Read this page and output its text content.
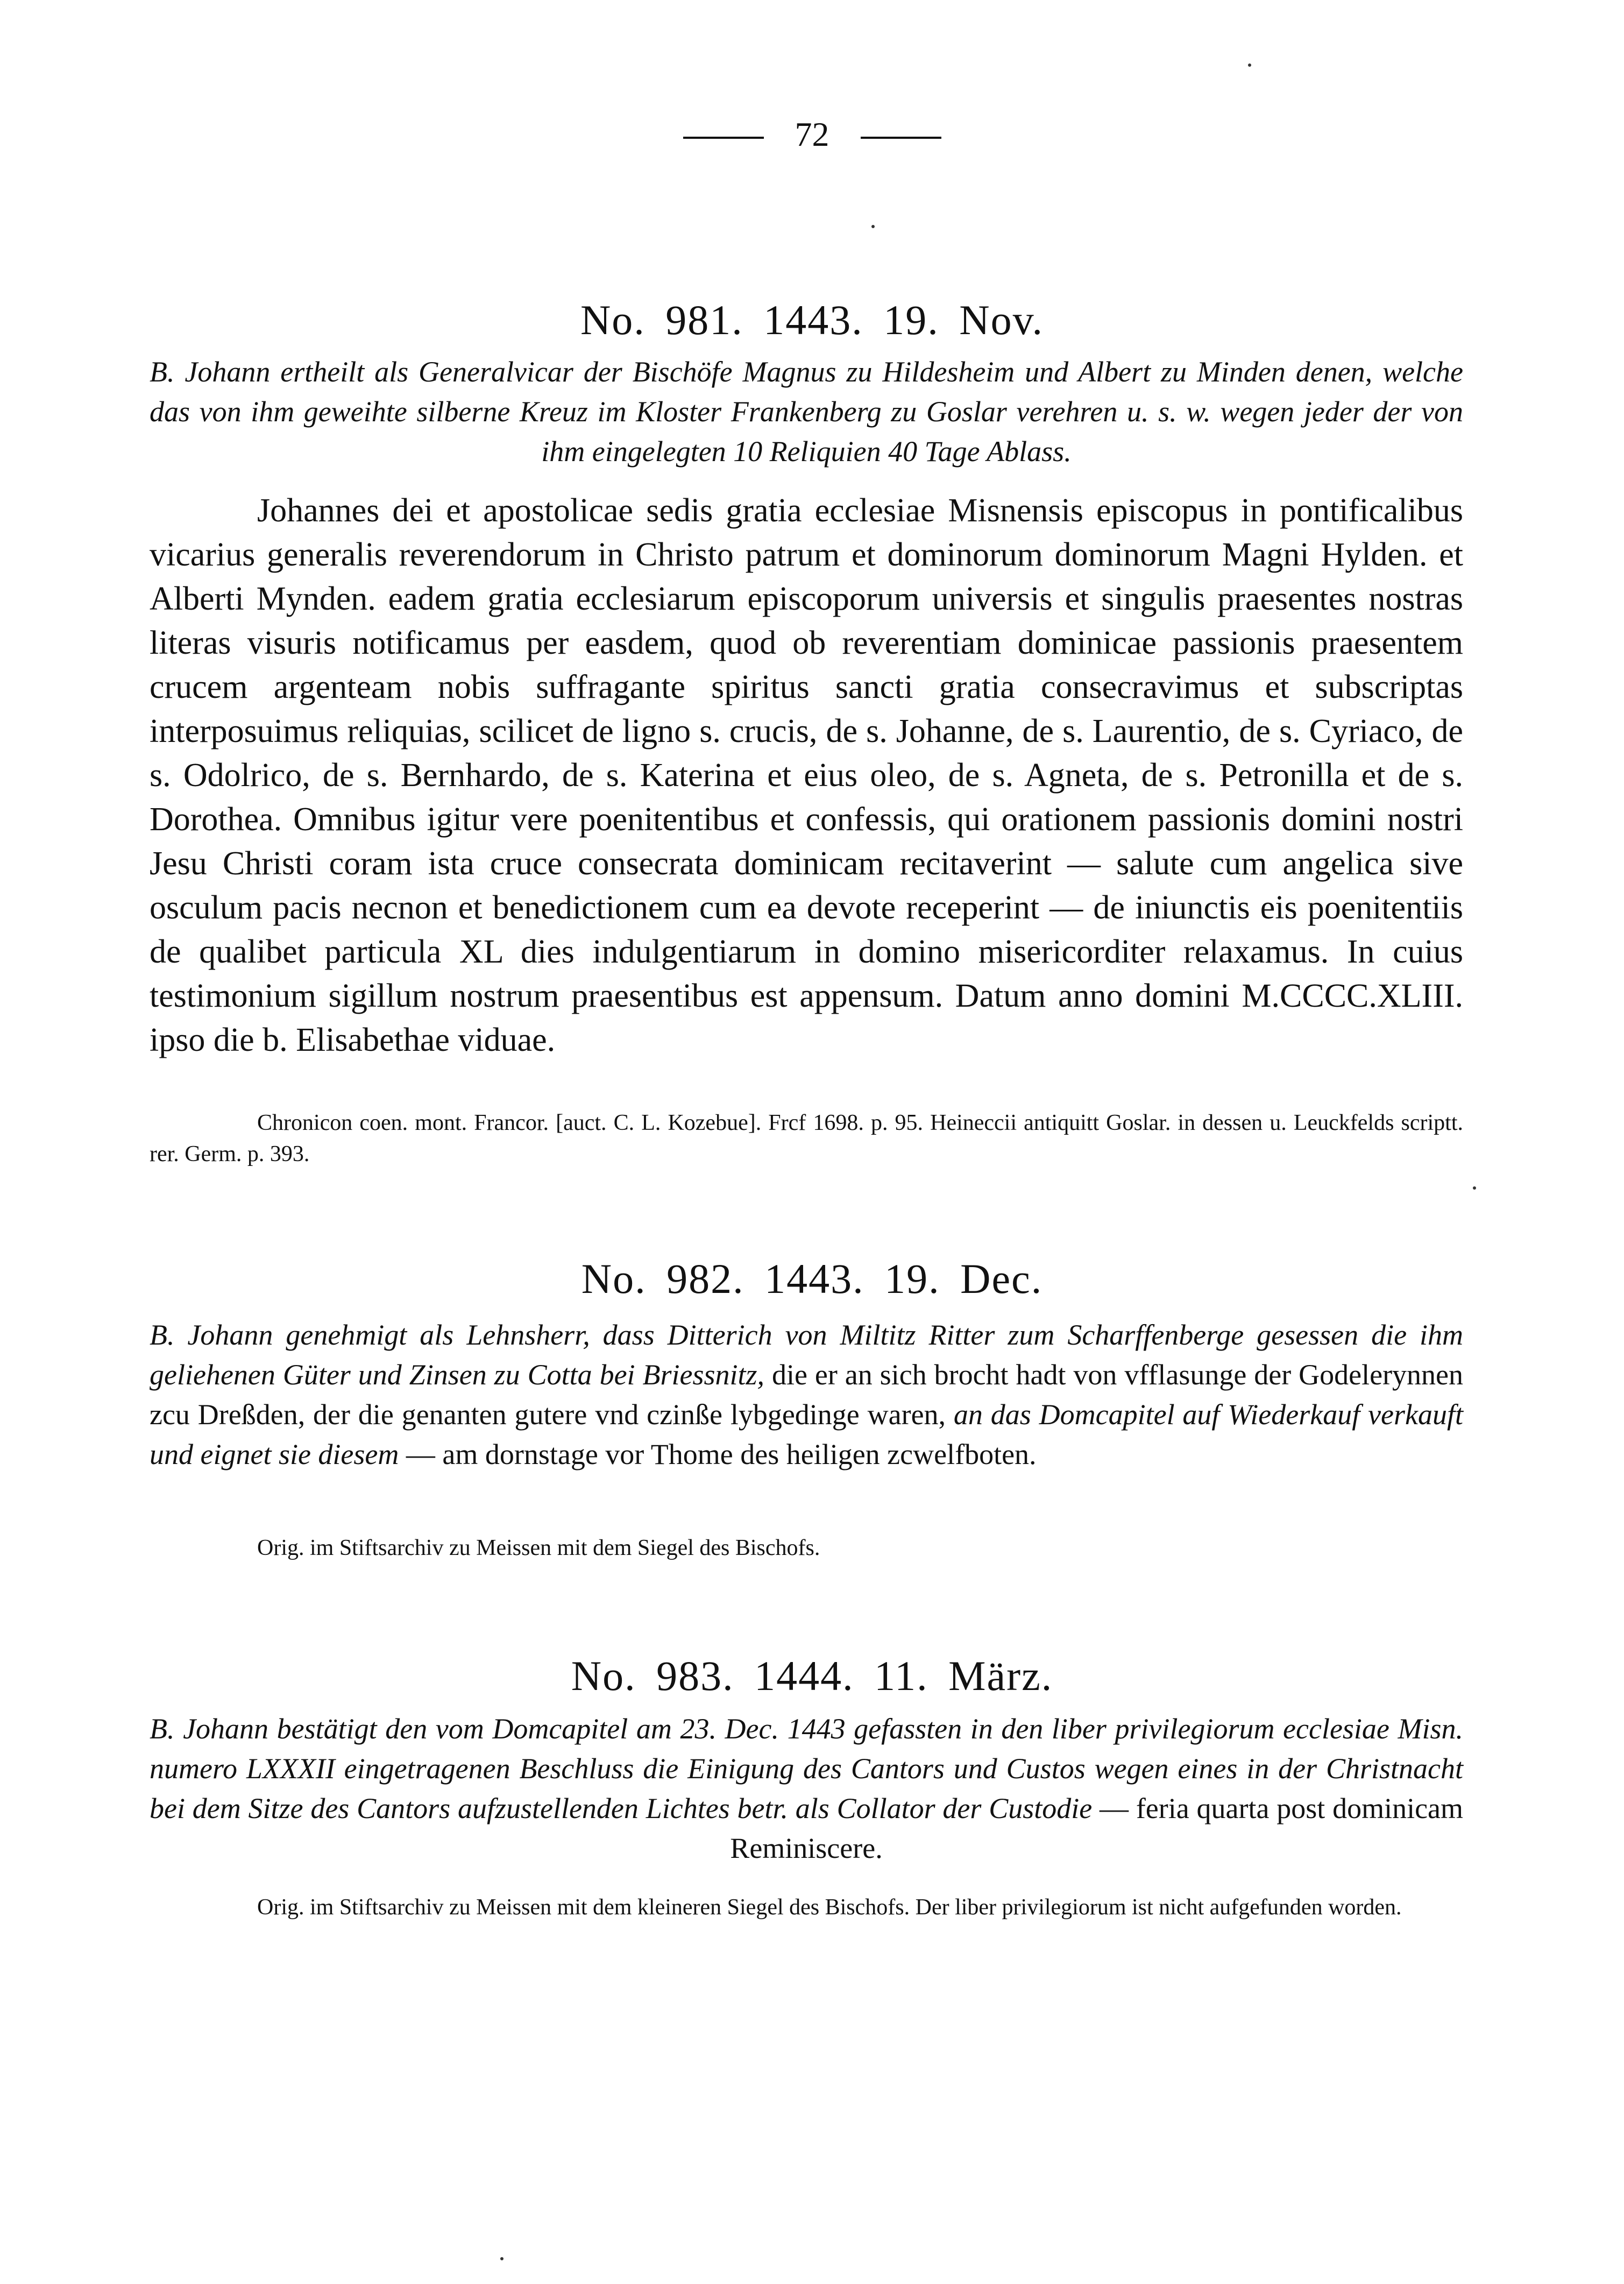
72
No. 981. 1443. 19. Nov.
B. Johann ertheilt als Generalvicar der Bischöfe Magnus zu Hildesheim und Albert zu Minden denen, welche das von ihm geweihte silberne Kreuz im Kloster Frankenberg zu Goslar verehren u. s. w. wegen jeder der von ihm eingelegten 10 Reliquien 40 Tage Ablass.
Johannes dei et apostolicae sedis gratia ecclesiae Misnensis episcopus in pontificalibus vicarius generalis reverendorum in Christo patrum et dominorum dominorum Magni Hylden. et Alberti Mynden. eadem gratia ecclesiarum episcoporum universis et singulis praesentes nostras literas visuris notificamus per easdem, quod ob reverentiam dominicae passionis praesentem crucem argenteam nobis suffragante spiritus sancti gratia consecravimus et subscriptas interposuimus reliquias, scilicet de ligno s. crucis, de s. Johanne, de s. Laurentio, de s. Cyriaco, de s. Odolrico, de s. Bernhardo, de s. Katerina et eius oleo, de s. Agneta, de s. Petronilla et de s. Dorothea. Omnibus igitur vere poenitentibus et confessis, qui orationem passionis domini nostri Jesu Christi coram ista cruce consecrata dominicam recitaverint — salute cum angelica sive osculum pacis necnon et benedictionem cum ea devote receperint — de iniunctis eis poenitentiis de qualibet particula XL dies indulgentiarum in domino misericorditer relaxamus. In cuius testimonium sigillum nostrum praesentibus est appensum. Datum anno domini M.CCCC.XLIII. ipso die b. Elisabethae viduae.
Chronicon coen. mont. Francor. [auct. C. L. Kozebue]. Frcf 1698. p. 95. Heineccii antiquitt Goslar. in dessen u. Leuckfelds scriptt. rer. Germ. p. 393.
No. 982. 1443. 19. Dec.
B. Johann genehmigt als Lehnsherr, dass Ditterich von Miltitz Ritter zum Scharffenberge gesessen die ihm geliehenen Güter und Zinsen zu Cotta bei Briessnitz, die er an sich brocht hadt von vfflasunge der Godelerynnen zcu Dreßden, der die genanten gutere vnd czinße lybgedinge waren, an das Domcapitel auf Wiederkauf verkauft und eignet sie diesem — am dornstage vor Thome des heiligen zcwelfboten.
Orig. im Stiftsarchiv zu Meissen mit dem Siegel des Bischofs.
No. 983. 1444. 11. März.
B. Johann bestätigt den vom Domcapitel am 23. Dec. 1443 gefassten in den liber privilegiorum ecclesiae Misn. numero LXXXII eingetragenen Beschluss die Einigung des Cantors und Custos wegen eines in der Christnacht bei dem Sitze des Cantors aufzustellenden Lichtes betr. als Collator der Custodie — feria quarta post dominicam Reminiscere.
Orig. im Stiftsarchiv zu Meissen mit dem kleineren Siegel des Bischofs. Der liber privilegiorum ist nicht aufgefunden worden.
